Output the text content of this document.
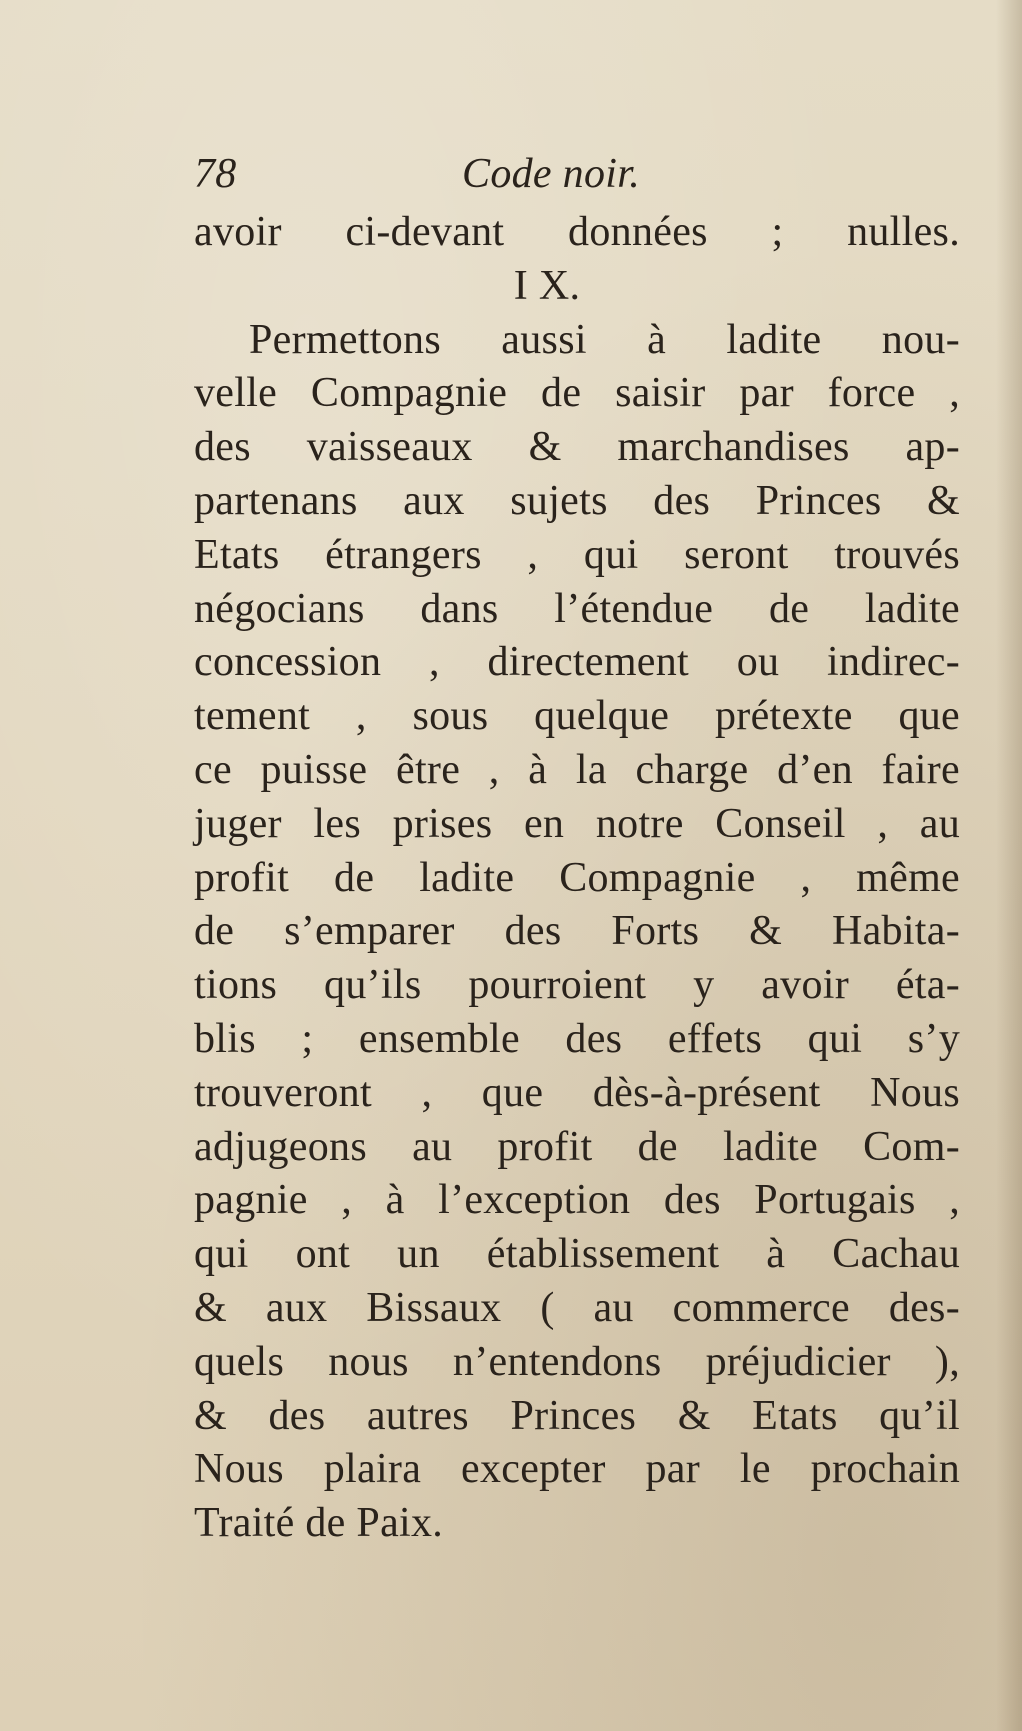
78	Code noir.
avoir ci-devant données ; nulles.
I X.
Permettons aussi à ladite nou-
velle Compagnie de saisir par force ,
des vaisseaux & marchandises ap-
partenans aux sujets des Princes &
Etats étrangers , qui seront trouvés
négocians dans l’étendue de ladite
concession , directement ou indirec-
tement , sous quelque prétexte que
ce puisse être , à la charge d’en faire
juger les prises en notre Conseil , au
profit de ladite Compagnie , même
de s’emparer des Forts & Habita-
tions qu’ils pourroient y avoir éta-
blis ; ensemble des effets qui s’y
trouveront , que dès-à-présent Nous
adjugeons au profit de ladite Com-
pagnie , à l’exception des Portugais ,
qui ont un établissement à Cachau
& aux Bissaux ( au commerce des-
quels nous n’entendons préjudicier ),
& des autres Princes & Etats qu’il
Nous plaira excepter par le prochain
Traité de Paix.
